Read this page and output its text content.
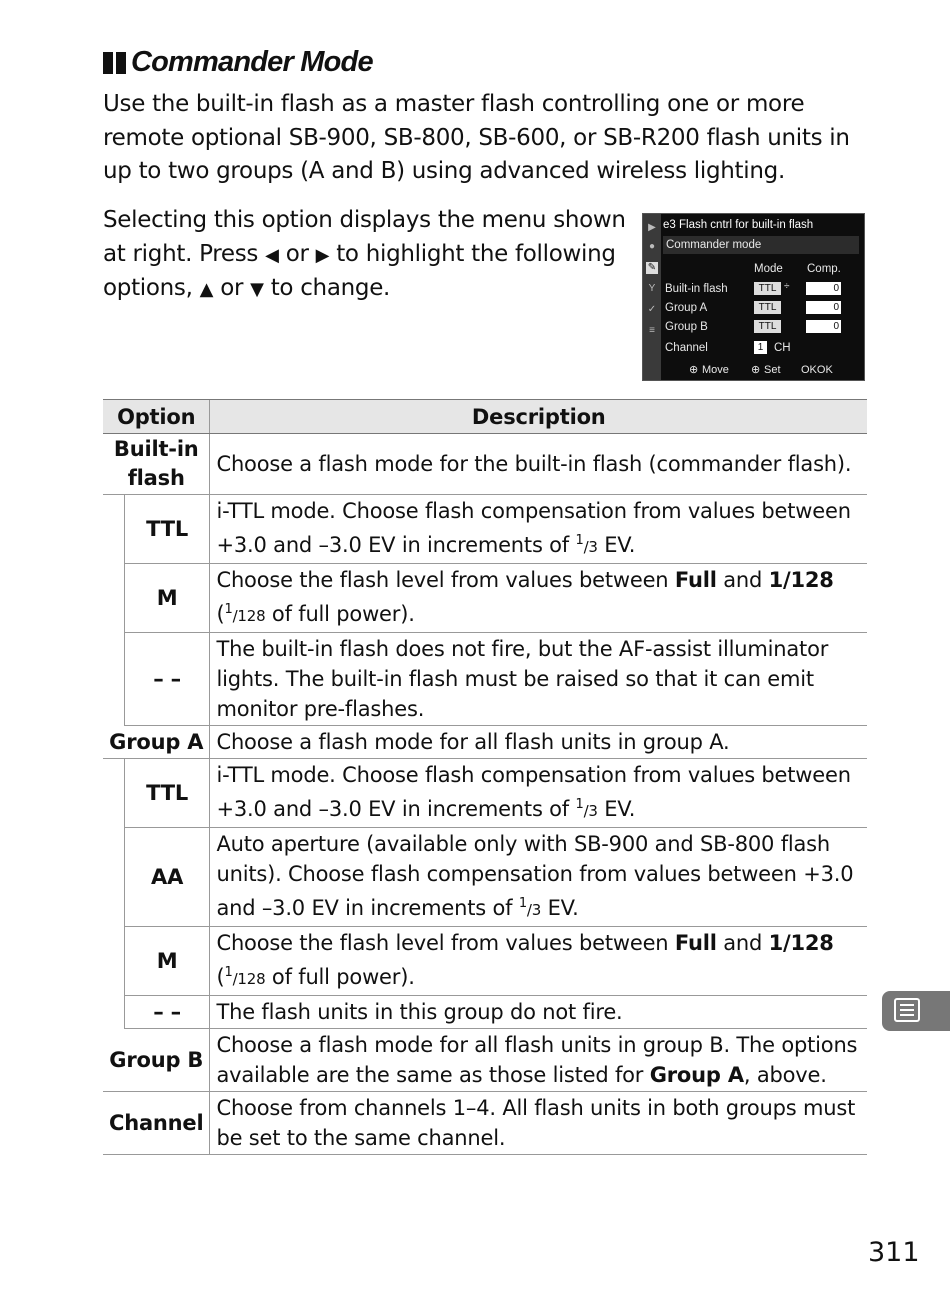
Commander Mode

Use the built-in flash as a master flash controlling one or more remote optional SB-900, SB-800, SB-600, or SB-R200 flash units in up to two groups (A and B) using advanced wireless lighting.

Selecting this option displays the menu shown at right. Press ◀ or ▶ to highlight the following options, ▲ or ▼ to change.

▶
●
✎
Y
✓
≡
e3 Flash cntrl for built-in flash
Commander mode
Mode Comp.
Built-in flash	TTL ÷	0
Group A	TTL	0
Group B	TTL	0
Channel	1 CH
⊕ Move ⊕ Set OKOK
Option		Description
Built-in flash		Choose a flash mode for the built-in flash (commander flash).
	TTL	i-TTL mode. Choose flash compensation from values between +3.0 and –3.0 EV in increments of $^1$/3 EV.
	M	Choose the flash level from values between Full and 1/128
($^1$/128 of full power).
	– –	The built-in flash does not fire, but the AF-assist illuminator lights. The built-in flash must be raised so that it can emit monitor pre-flashes.
Group A		Choose a flash mode for all flash units in group A.
	TTL	i-TTL mode. Choose flash compensation from values between +3.0 and –3.0 EV in increments of $^1$/3 EV.
	AA	Auto aperture (available only with SB-900 and SB-800 flash units). Choose flash compensation from values between +3.0 and –3.0 EV in increments of $^1$/3 EV.
	M	Choose the flash level from values between Full and 1/128
($^1$/128 of full power).
	– –	The flash units in this group do not fire.
Group B		Choose a flash mode for all flash units in group B. The options available are the same as those listed for Group A, above.
Channel		Choose from channels 1–4. All flash units in both groups must be set to the same channel.
311
